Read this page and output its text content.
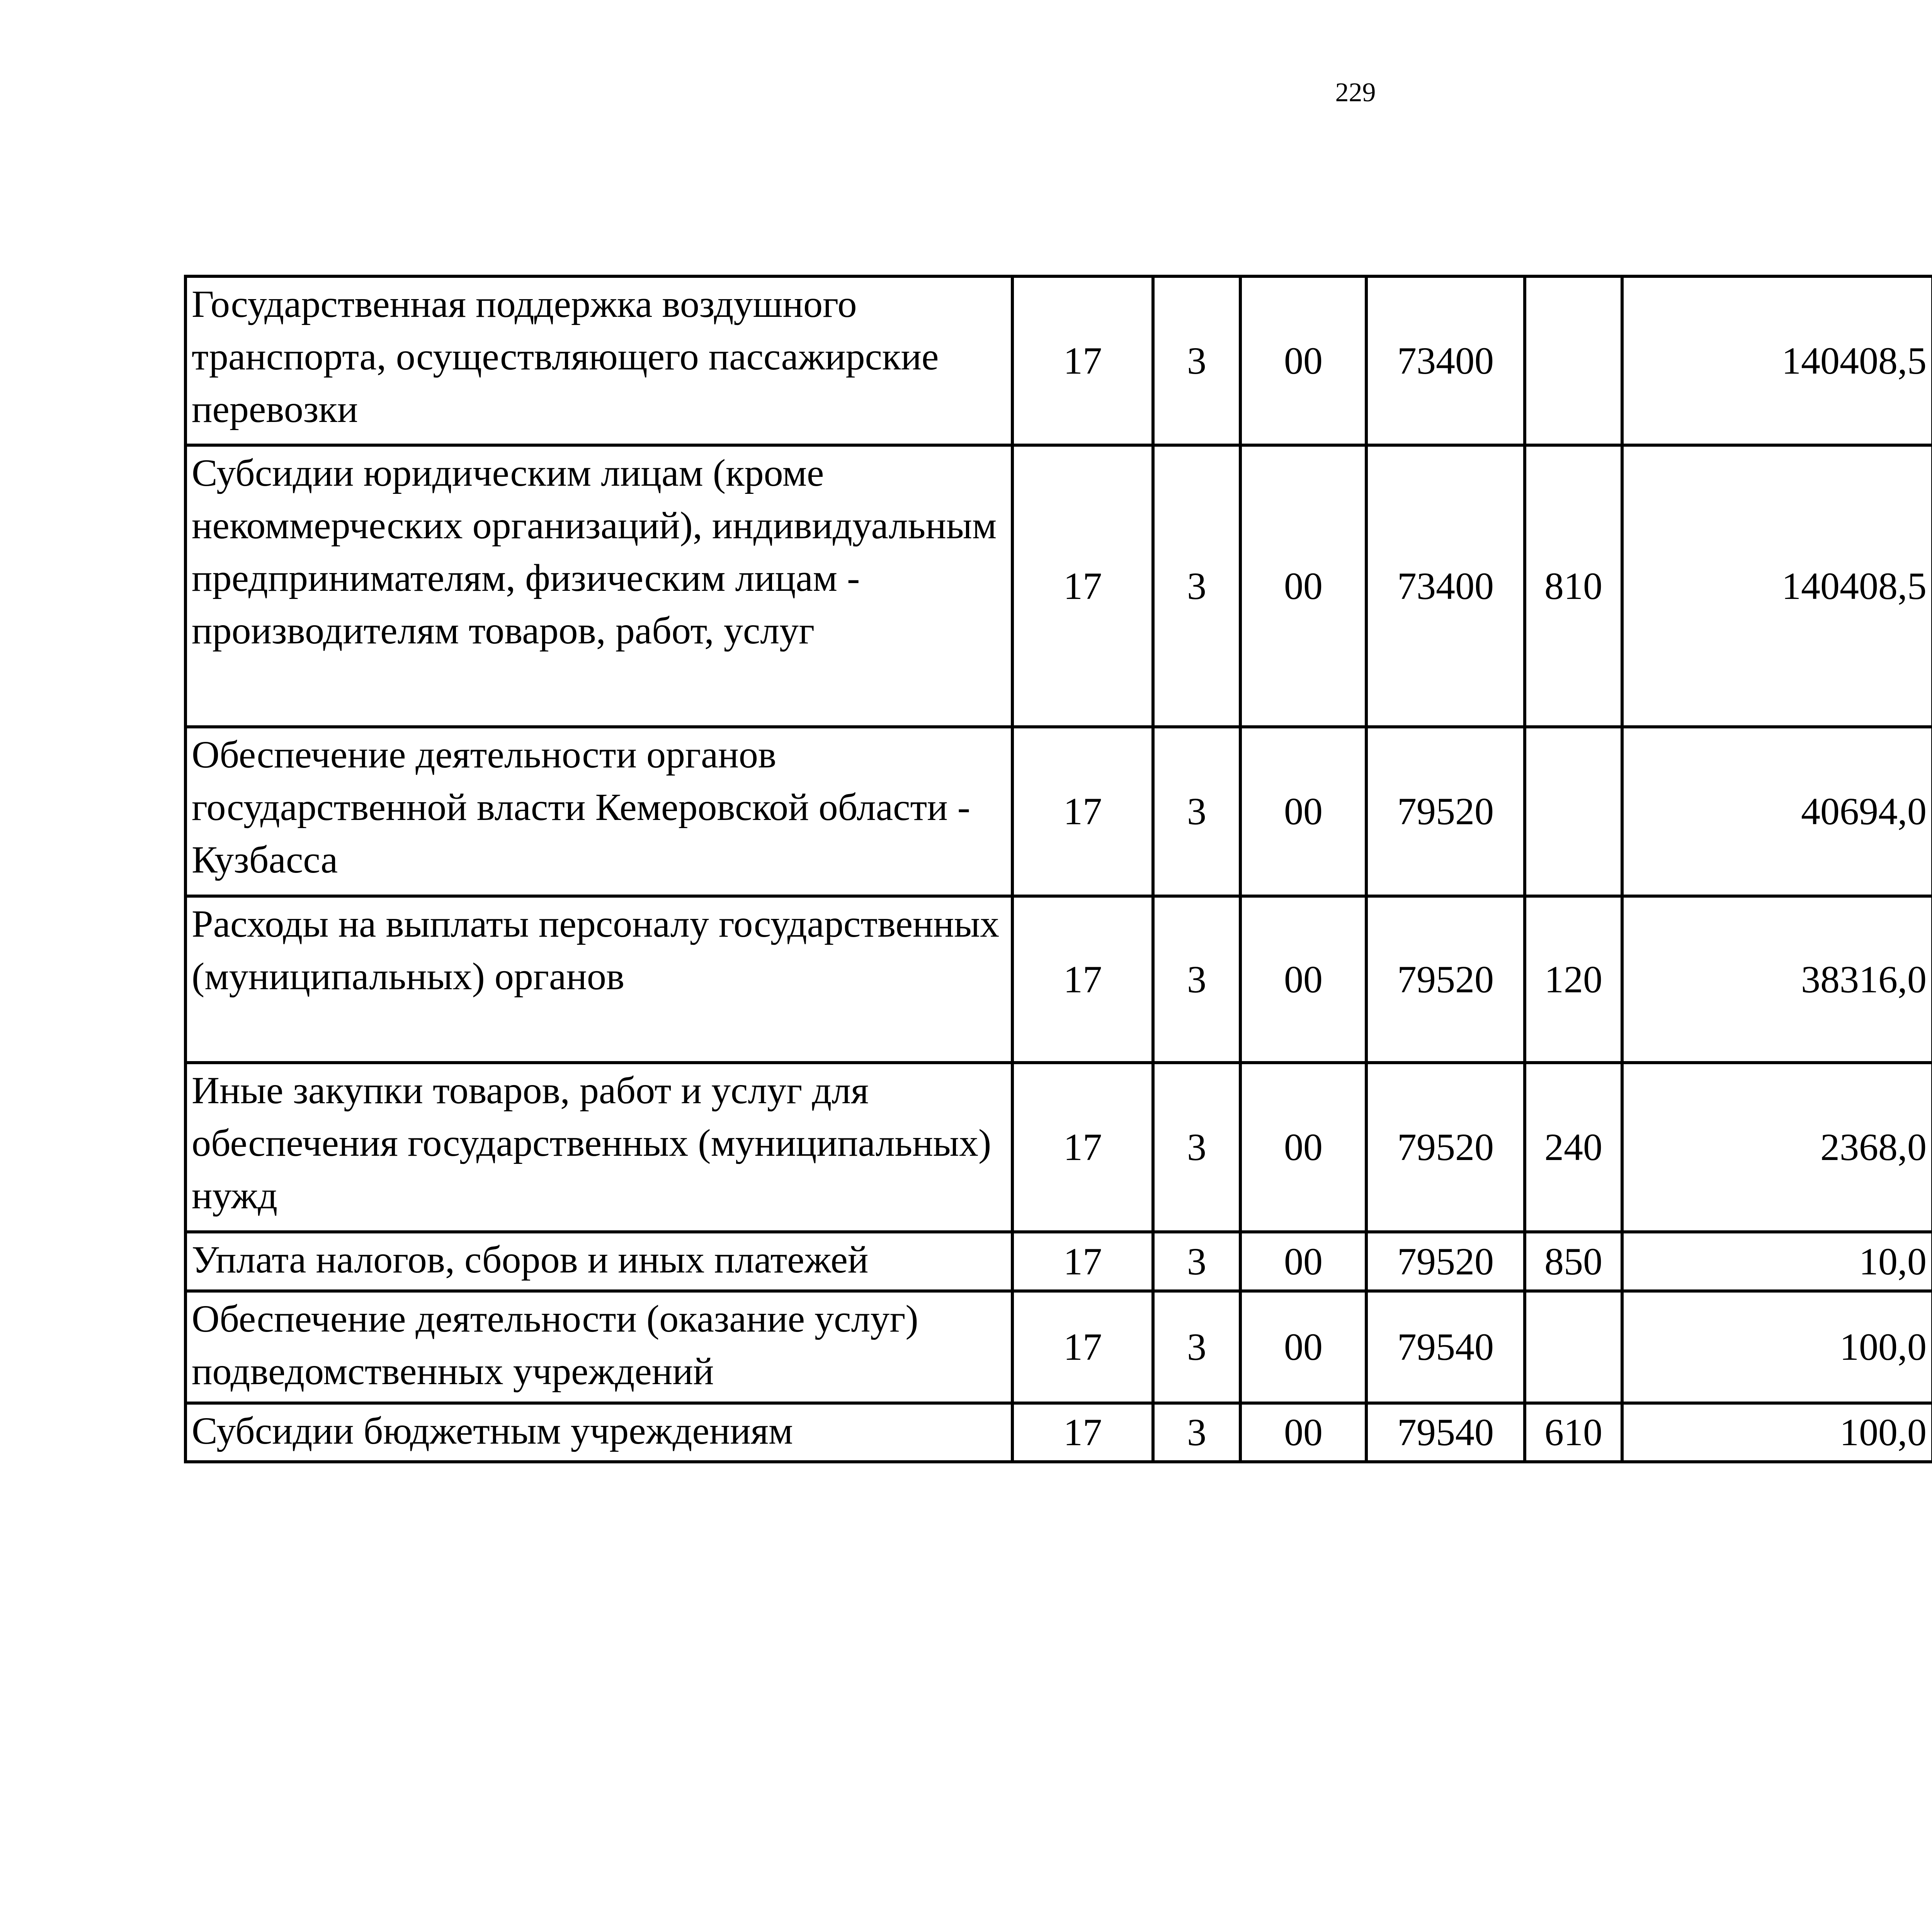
229
Государственная поддержка воздушного транспорта, осуществляющего пассажирские перевозки	17	3	00	73400		140408,5		
Субсидии юридическим лицам (кроме некоммерческих организаций), индивидуальным предпринимателям, физическим лицам - производителям товаров, работ, услуг	17	3	00	73400	810	140408,5		
Обеспечение деятельности органов государственной власти Кемеровской области - Кузбасса	17	3	00	79520		40694,0		
Расходы на выплаты персоналу государственных (муниципальных) органов	17	3	00	79520	120	38316,0		
Иные закупки товаров, работ и услуг для обеспечения государственных (муниципальных) нужд	17	3	00	79520	240	2368,0		
Уплата налогов, сборов и иных платежей	17	3	00	79520	850	10,0		
Обеспечение деятельности (оказание услуг) подведомственных учреждений	17	3	00	79540		100,0		
Субсидии бюджетным учреждениям	17	3	00	79540	610	100,0		
